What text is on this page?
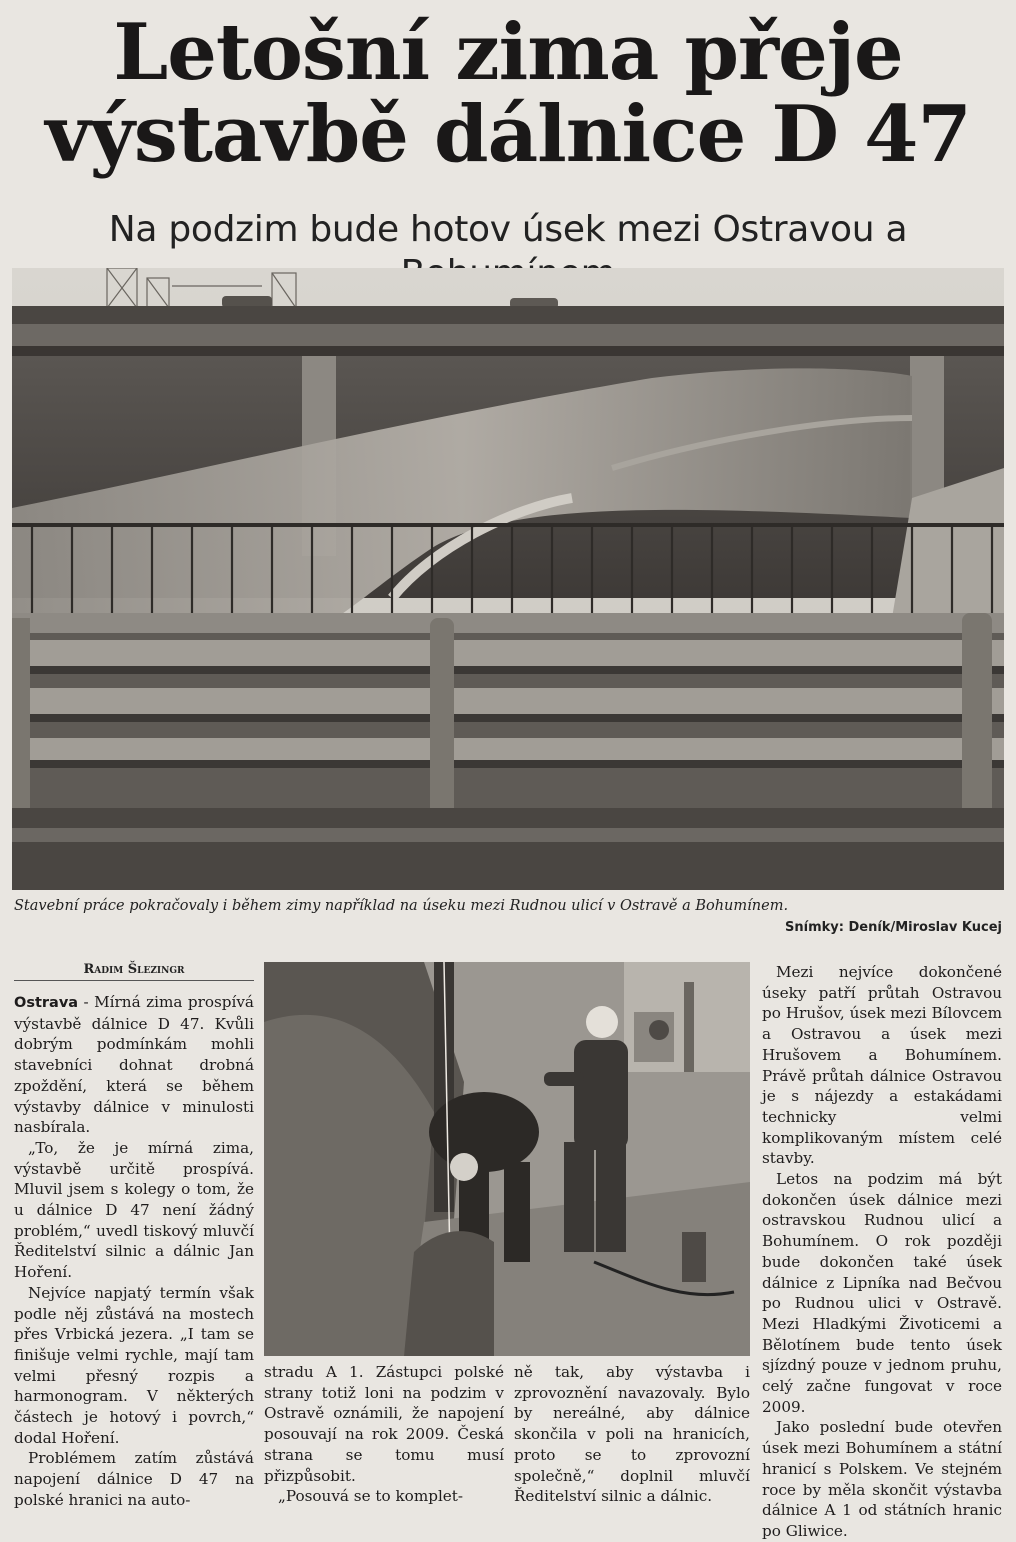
Letošní zima přeje
výstavbě dálnice D 47
Na podzim bude hotov úsek mezi Ostravou a
Stavební práce pokračovaly i během zimy například na úseku mezi Rudnou ulicí v Ostravě a Bohumínem.
Snímky: Deník/Miroslav Kucej
Radim Šlezingr

Ostrava - Mírná zima prospívá výstavbě dálnice D 47. Kvůli dobrým podmínkám mohli stavebníci dohnat drobná zpoždění, která se během výstavby dálnice v minulosti nasbírala.

„To, že je mírná zima, výstavbě určitě prospívá. Mluvil jsem s kolegy o tom, že u dálnice D 47 není žádný problém,“ uvedl tiskový mluvčí Ředitelství silnic a dálnic Jan Hoření.

Nejvíce napjatý termín však podle něj zůstává na mostech přes Vrbická jezera. „I tam se finišuje velmi rychle, mají tam velmi přesný rozpis a harmonogram. V některých částech je hotový i povrch,“ dodal Hoření.

Problémem zatím zůstává napojení dálnice D 47 na polské hranici na auto-

stradu A 1. Zástupci polské strany totiž loni na podzim v Ostravě oznámili, že napojení posouvají na rok 2009. Česká strana se tomu musí přizpůsobit.

„Posouvá se to komplet-

ně tak, aby výstavba i zprovoznění navazovaly. Bylo by nereálné, aby dálnice skončila v poli na hranicích, proto se to zprovozní společně,“ doplnil mluvčí Ředitelství silnic a dálnic.

Mezi nejvíce dokončené úseky patří průtah Ostravou po Hrušov, úsek mezi Bílovcem a Ostravou a úsek mezi Hrušovem a Bohumínem. Právě průtah dálnice Ostravou je s nájezdy a estakádami technicky velmi komplikovaným místem celé stavby.

Letos na podzim má být dokončen úsek dálnice mezi ostravskou Rudnou ulicí a Bohumínem. O rok později bude dokončen také úsek dálnice z Lipníka nad Bečvou po Rudnou ulici v Ostravě. Mezi Hladkými Životicemi a Bělotínem bude tento úsek sjízdný pouze v jednom pruhu, celý začne fungovat v roce 2009.

Jako poslední bude otevřen úsek mezi Bohumínem a státní hranicí s Polskem. Ve stejném roce by měla skončit výstavba dálnice A 1 od státních hranic po Gliwice.
